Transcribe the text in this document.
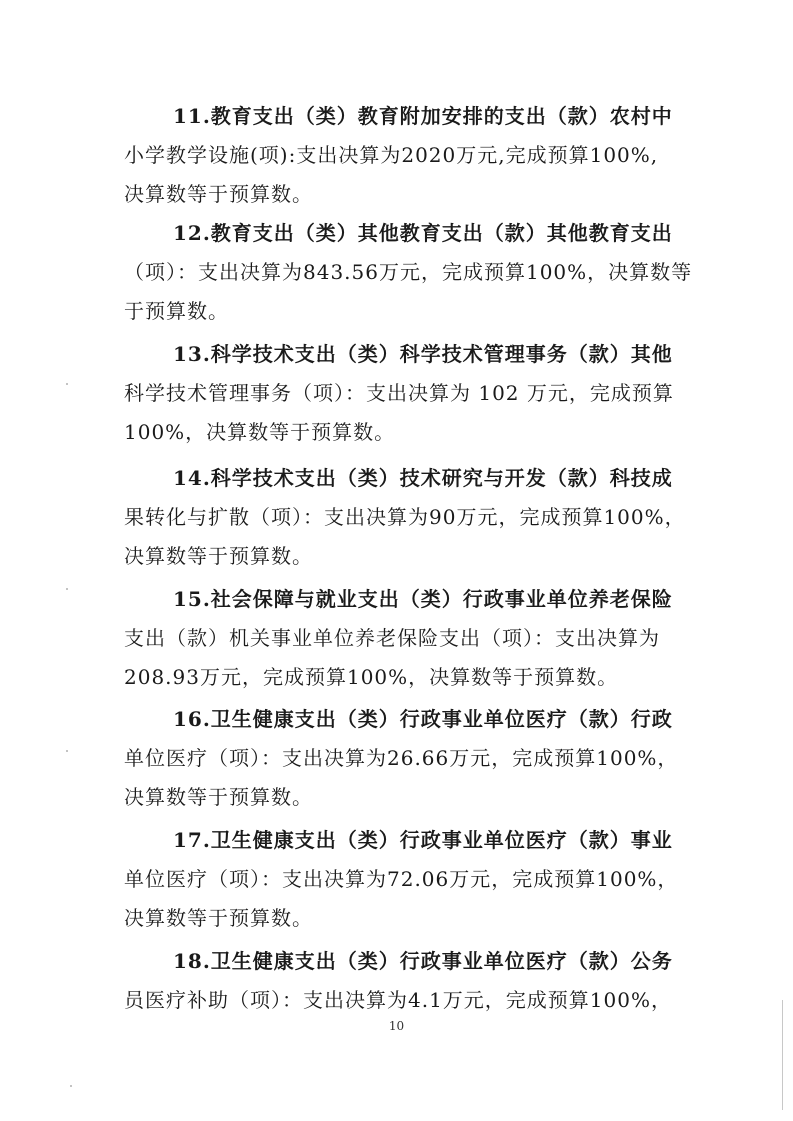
11.教育支出（类）教育附加安排的支出（款）农村中
小学教学设施(项):支出决算为2020万元,完成预算100%,
决算数等于预算数。
12.教育支出（类）其他教育支出（款）其他教育支出
（项）：支出决算为843.56万元，完成预算100%，决算数等
于预算数。
13.科学技术支出（类）科学技术管理事务（款）其他
科学技术管理事务（项）：支出决算为 102 万元，完成预算
100%，决算数等于预算数。
14.科学技术支出（类）技术研究与开发（款）科技成
果转化与扩散（项）：支出决算为90万元，完成预算100%，
决算数等于预算数。
15.社会保障与就业支出（类）行政事业单位养老保险
支出（款）机关事业单位养老保险支出（项）：支出决算为
208.93万元，完成预算100%，决算数等于预算数。
16.卫生健康支出（类）行政事业单位医疗（款）行政
单位医疗（项）：支出决算为26.66万元，完成预算100%，
决算数等于预算数。
17.卫生健康支出（类）行政事业单位医疗（款）事业
单位医疗（项）：支出决算为72.06万元，完成预算100%，
决算数等于预算数。
18.卫生健康支出（类）行政事业单位医疗（款）公务
员医疗补助（项）：支出决算为4.1万元，完成预算100%，
10
